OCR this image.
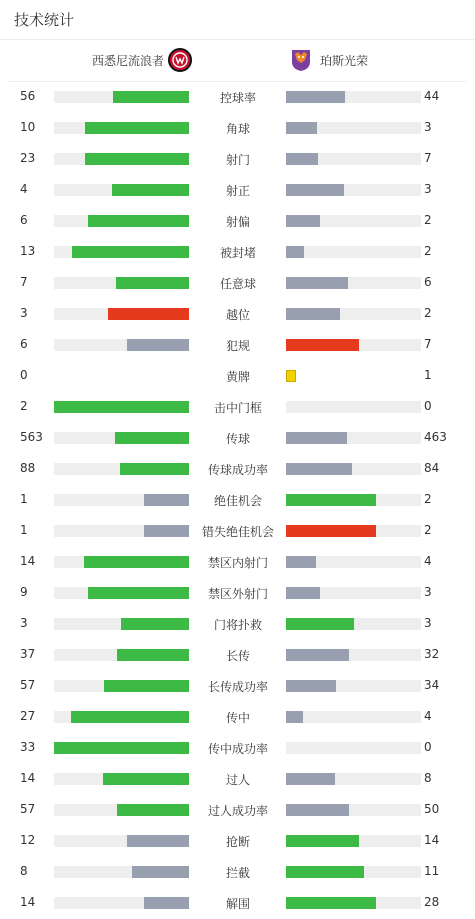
技术统计
西悉尼流浪者	珀斯光荣
56	控球率	44
10	角球	3
23	射门	7
4	射正	3
6	射偏	2
13	被封堵	2
7	任意球	6
3	越位	2
6	犯规	7
0	黄牌	1
2	击中门框	0
563	传球	463
88	传球成功率	84
1	绝佳机会	2
1	错失绝佳机会	2
14	禁区内射门	4
9	禁区外射门	3
3	门将扑救	3
37	长传	32
57	长传成功率	34
27	传中	4
33	传中成功率	0
14	过人	8
57	过人成功率	50
12	抢断	14
8	拦截	11
14	解围	28
